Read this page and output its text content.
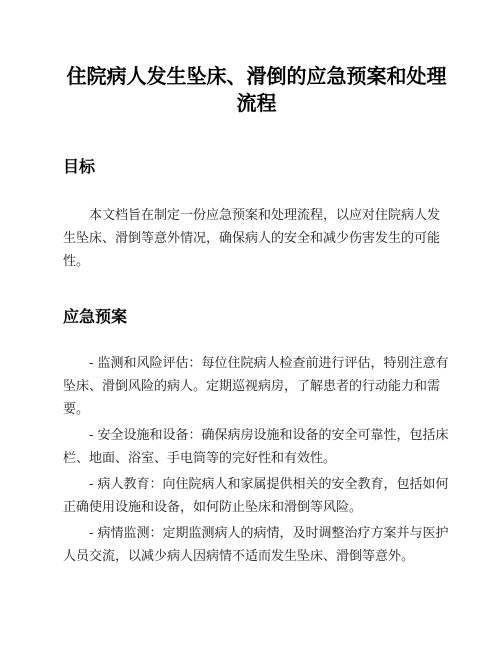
住院病人发生坠床、滑倒的应急预案和处理流程
目标

本文档旨在制定一份应急预案和处理流程，以应对住院病人发生坠床、滑倒等意外情况，确保病人的安全和减少伤害发生的可能性。

应急预案

- 监测和风险评估：每位住院病人检查前进行评估，特别注意有坠床、滑倒风险的病人。定期巡视病房，了解患者的行动能力和需要。

- 安全设施和设备：确保病房设施和设备的安全可靠性，包括床栏、地面、浴室、手电筒等的完好性和有效性。

- 病人教育：向住院病人和家属提供相关的安全教育，包括如何正确使用设施和设备，如何防止坠床和滑倒等风险。

- 病情监测：定期监测病人的病情，及时调整治疗方案并与医护人员交流，以减少病人因病情不适而发生坠床、滑倒等意外。
